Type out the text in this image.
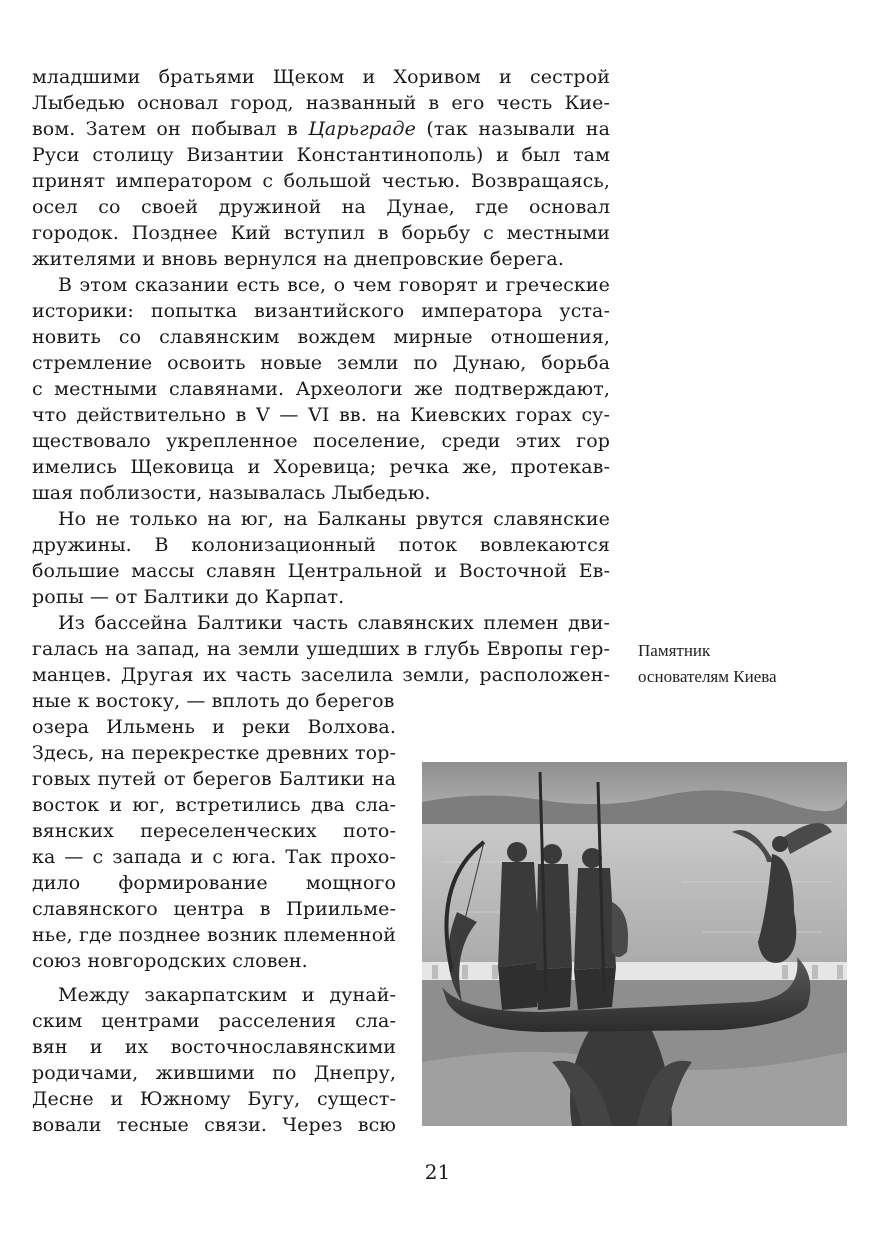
младшими братьями Щеком и Хоривом и сестрой
Лыбедью основал город, названный в его честь Кие-
вом. Затем он побывал в Царьграде (так называли на
Руси столицу Византии Константинополь) и был там
принят императором с большой честью. Возвращаясь,
осел со своей дружиной на Дунае, где основал
городок. Позднее Кий вступил в борьбу с местными
жителями и вновь вернулся на днепровские берега.
В этом сказании есть все, о чем говорят и греческие
историки: попытка византийского императора уста-
новить со славянским вождем мирные отношения,
стремление освоить новые земли по Дунаю, борьба
с местными славянами. Археологи же подтверждают,
что действительно в V — VI вв. на Киевских горах су-
ществовало укрепленное поселение, среди этих гор
имелись Щековица и Хоревица; речка же, протекав-
шая поблизости, называлась Лыбедью.
Но не только на юг, на Балканы рвутся славянские
дружины. В колонизационный поток вовлекаются
большие массы славян Центральной и Восточной Ев-
ропы — от Балтики до Карпат.
Из бассейна Балтики часть славянских племен дви-
галась на запад, на земли ушедших в глубь Европы гер-
манцев. Другая их часть заселила земли, расположен-
ные к востоку, — вплоть до берегов
озера Ильмень и реки Волхова.
Здесь, на перекрестке древних тор-
говых путей от берегов Балтики на
восток и юг, встретились два сла-
вянских переселенческих пото-
ка — с запада и с юга. Так прохо-
дило формирование мощного
славянского центра в Приильме-
нье, где позднее возник племенной
союз новгородских словен.
Между закарпатским и дунай-
ским центрами расселения сла-
вян и их восточнославянскими
родичами, жившими по Днепру,
Десне и Южному Бугу, сущест-
вовали тесные связи. Через всю
Памятник
основателям Киева
21
